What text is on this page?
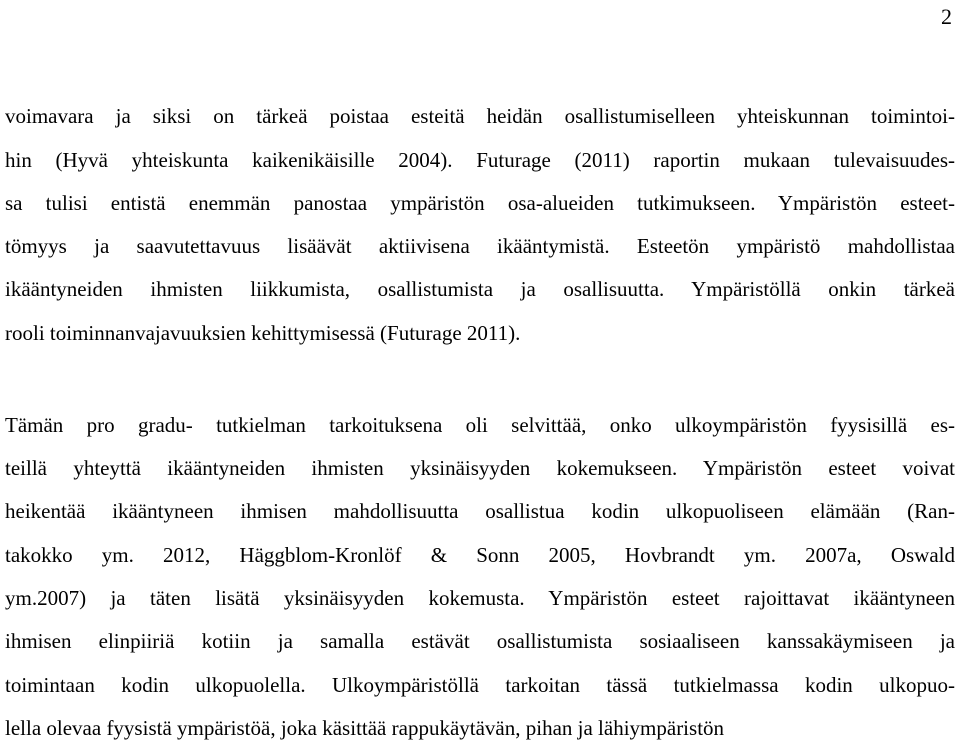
2
voimavara ja siksi on tärkeä poistaa esteitä heidän osallistumiselleen yhteiskunnan toimintoi-
hin (Hyvä yhteiskunta kaikenikäisille 2004). Futurage (2011) raportin mukaan tulevaisuudes-
sa tulisi entistä enemmän panostaa ympäristön osa-alueiden tutkimukseen. Ympäristön esteet-
tömyys ja saavutettavuus lisäävät aktiivisena ikääntymistä. Esteetön ympäristö mahdollistaa
ikääntyneiden ihmisten liikkumista, osallistumista ja osallisuutta. Ympäristöllä onkin tärkeä
rooli toiminnanvajavuuksien kehittymisessä (Futurage 2011).
Tämän pro gradu- tutkielman tarkoituksena oli selvittää, onko ulkoympäristön fyysisillä es-
teillä yhteyttä ikääntyneiden ihmisten yksinäisyyden kokemukseen. Ympäristön esteet voivat
heikentää ikääntyneen ihmisen mahdollisuutta osallistua kodin ulkopuoliseen elämään (Ran-
takokko ym. 2012, Häggblom-Kronlöf & Sonn 2005, Hovbrandt ym. 2007a, Oswald
ym.2007) ja täten lisätä yksinäisyyden kokemusta. Ympäristön esteet rajoittavat ikääntyneen
ihmisen elinpiiriä kotiin ja samalla estävät osallistumista sosiaaliseen kanssakäymiseen ja
toimintaan kodin ulkopuolella. Ulkoympäristöllä tarkoitan tässä tutkielmassa kodin ulkopuo-
lella olevaa fyysistä ympäristöä, joka käsittää rappukäytävän, pihan ja lähiympäristön
